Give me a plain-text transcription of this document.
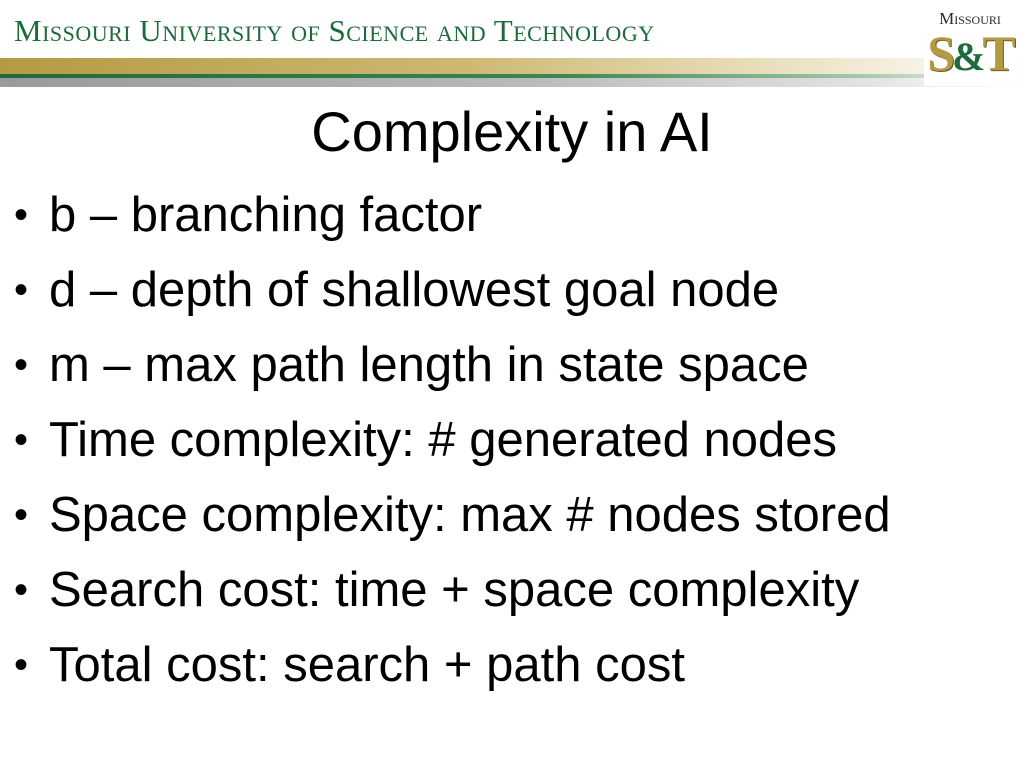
Missouri University of Science and Technology	Missouri
S&T
Complexity in AI
• b – branching factor
• d – depth of shallowest goal node
• m – max path length in state space
• Time complexity: # generated nodes
• Space complexity: max # nodes stored
• Search cost: time + space complexity
• Total cost: search + path cost
